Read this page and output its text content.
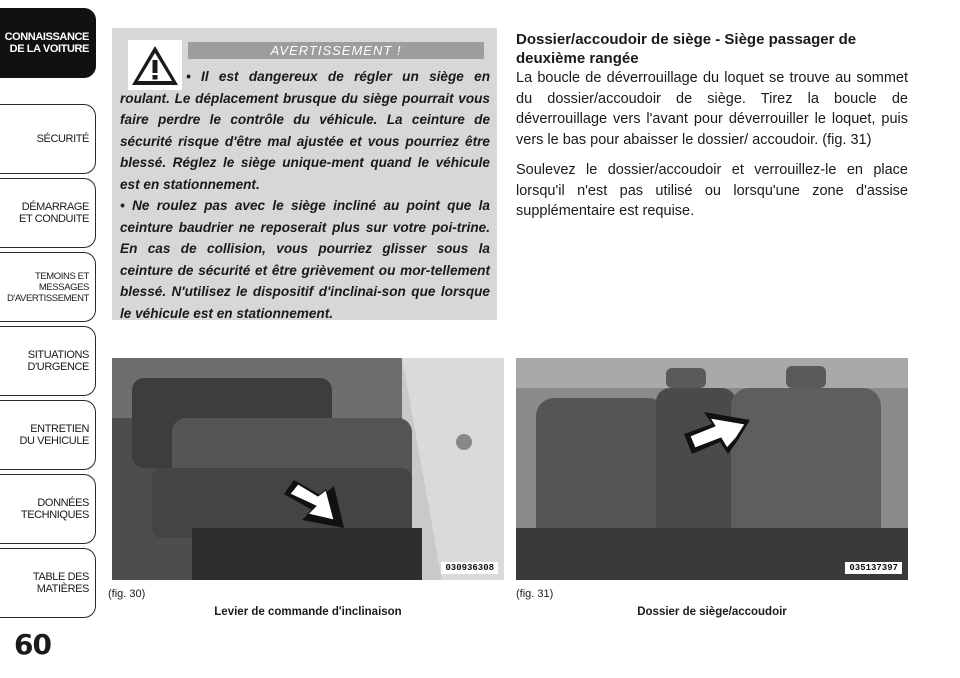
CONNAISSANCE
DE LA VOITURE
SÉCURITÉ
DÉMARRAGE
ET CONDUITE
TEMOINS ET
MESSAGES
D'AVERTISSEMENT
SITUATIONS
D'URGENCE
ENTRETIEN
DU VEHICULE
DONNÉES
TECHNIQUES
TABLE DES
MATIÈRES
60
AVERTISSEMENT !

• Il est dangereux de régler un siège en roulant. Le déplacement brusque du siège pourrait vous faire perdre le contrôle du véhicule. La ceinture de sécurité risque d'être mal ajustée et vous pourriez être blessé. Réglez le siège unique-ment quand le véhicule est en stationnement.

• Ne roulez pas avec le siège incliné au point que la ceinture baudrier ne reposerait plus sur votre poi-trine. En cas de collision, vous pourriez glisser sous la ceinture de sécurité et être grièvement ou mor-tellement blessé. N'utilisez le dispositif d'inclinai-son que lorsque le véhicule est en stationnement.

Dossier/accoudoir de siège - Siège passager de deuxième rangée

La boucle de déverrouillage du loquet se trouve au sommet du dossier/accoudoir de siège. Tirez la boucle de déverrouillage vers l'avant pour déverrouiller le loquet, puis vers le bas pour abaisser le dossier/ accoudoir. (fig. 31)

Soulevez le dossier/accoudoir et verrouillez-le en place lorsqu'il n'est pas utilisé ou lorsqu'une zone d'assise supplémentaire est requise.

030936308
(fig. 30)
Levier de commande d'inclinaison
035137397
(fig. 31)
Dossier de siège/accoudoir
